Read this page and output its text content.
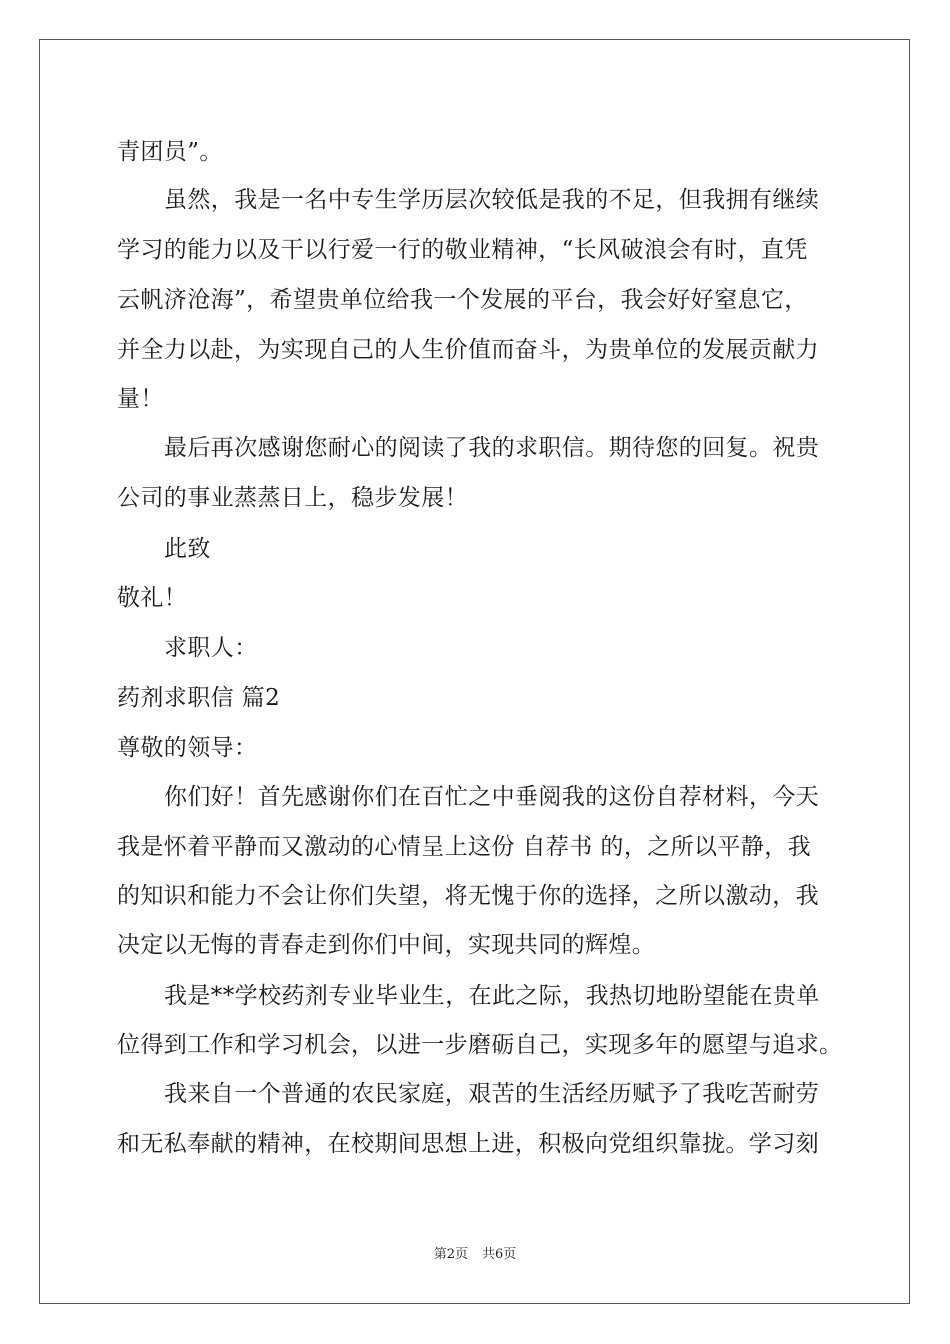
青团员”。
虽然，我是一名中专生学历层次较低是我的不足，但我拥有继续
学习的能力以及干以行爱一行的敬业精神，“长风破浪会有时，直凭
云帆济沧海”，希望贵单位给我一个发展的平台，我会好好窒息它，
并全力以赴，为实现自己的人生价值而奋斗，为贵单位的发展贡献力
量！
最后再次感谢您耐心的阅读了我的求职信。期待您的回复。祝贵
公司的事业蒸蒸日上，稳步发展！
此致
敬礼！
求职人：
药剂求职信 篇2
尊敬的领导：
你们好！首先感谢你们在百忙之中垂阅我的这份自荐材料，今天
我是怀着平静而又激动的心情呈上这份 自荐书 的，之所以平静，我
的知识和能力不会让你们失望，将无愧于你的选择，之所以激动，我
决定以无悔的青春走到你们中间，实现共同的辉煌。
我是**学校药剂专业毕业生，在此之际，我热切地盼望能在贵单
位得到工作和学习机会，以进一步磨砺自己，实现多年的愿望与追求。
我来自一个普通的农民家庭，艰苦的生活经历赋予了我吃苦耐劳
和无私奉献的精神，在校期间思想上进，积极向党组织靠拢。学习刻
第2页 共6页
